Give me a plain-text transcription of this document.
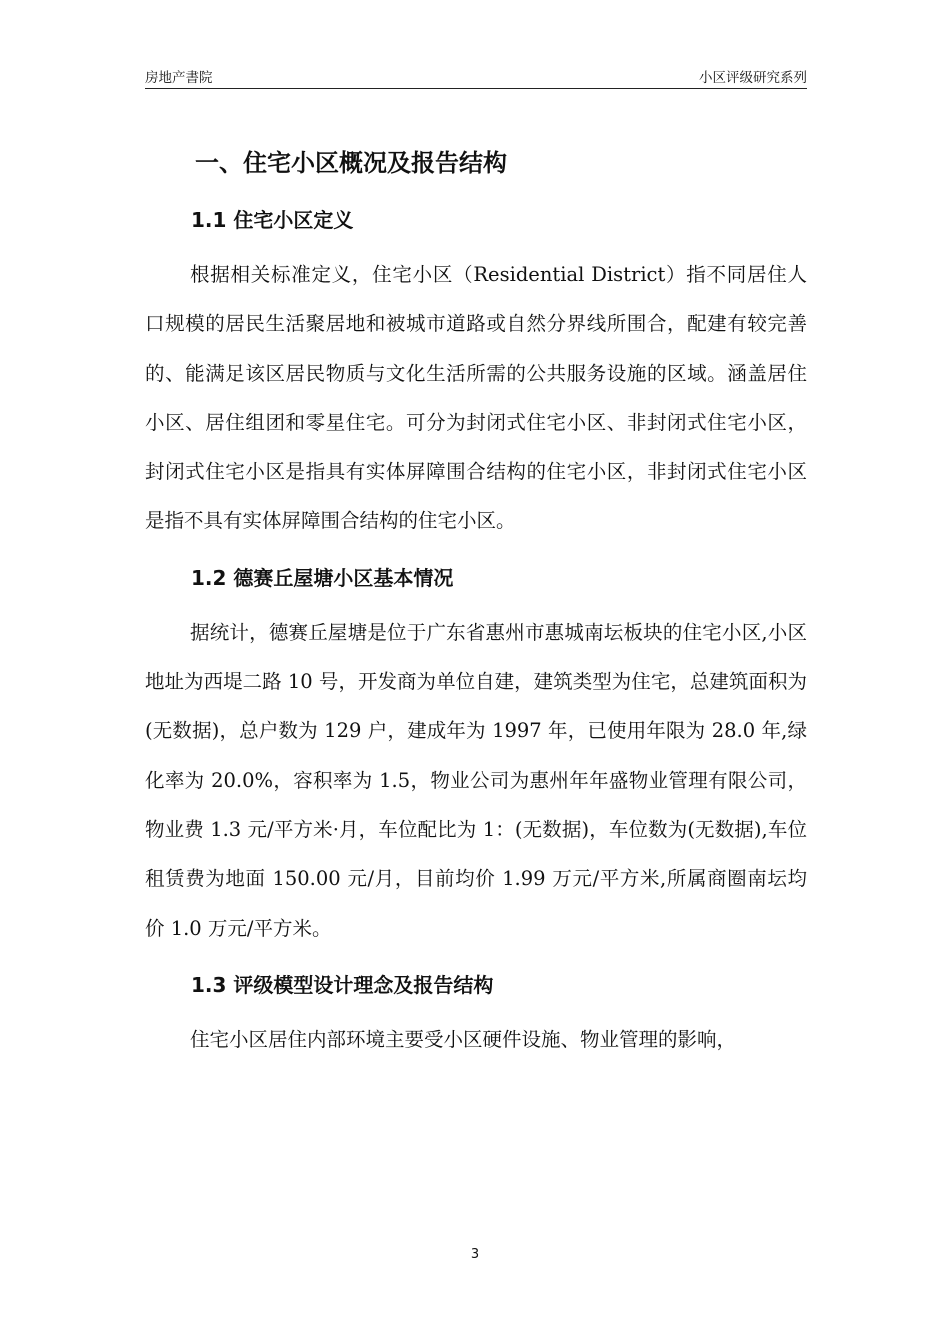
房地产書院	小区评级研究系列
一、住宅小区概况及报告结构
1.1 住宅小区定义

根据相关标准定义，住宅小区（Residential District）指不同居住人口规模的居民生活聚居地和被城市道路或自然分界线所围合，配建有较完善的、能满足该区居民物质与文化生活所需的公共服务设施的区域。涵盖居住小区、居住组团和零星住宅。可分为封闭式住宅小区、非封闭式住宅小区，封闭式住宅小区是指具有实体屏障围合结构的住宅小区，非封闭式住宅小区是指不具有实体屏障围合结构的住宅小区。

1.2 德赛丘屋塘小区基本情况

据统计，德赛丘屋塘是位于广东省惠州市惠城南坛板块的住宅小区,小区地址为西堤二路 10 号，开发商为单位自建，建筑类型为住宅，总建筑面积为(无数据)，总户数为 129 户，建成年为 1997 年，已使用年限为 28.0 年,绿化率为 20.0%，容积率为 1.5，物业公司为惠州年年盛物业管理有限公司，物业费 1.3 元/平方米·月，车位配比为 1：(无数据)，车位数为(无数据),车位租赁费为地面 150.00 元/月，目前均价 1.99 万元/平方米,所属商圈南坛均价 1.0 万元/平方米。

1.3 评级模型设计理念及报告结构

住宅小区居住内部环境主要受小区硬件设施、物业管理的影响，

3
